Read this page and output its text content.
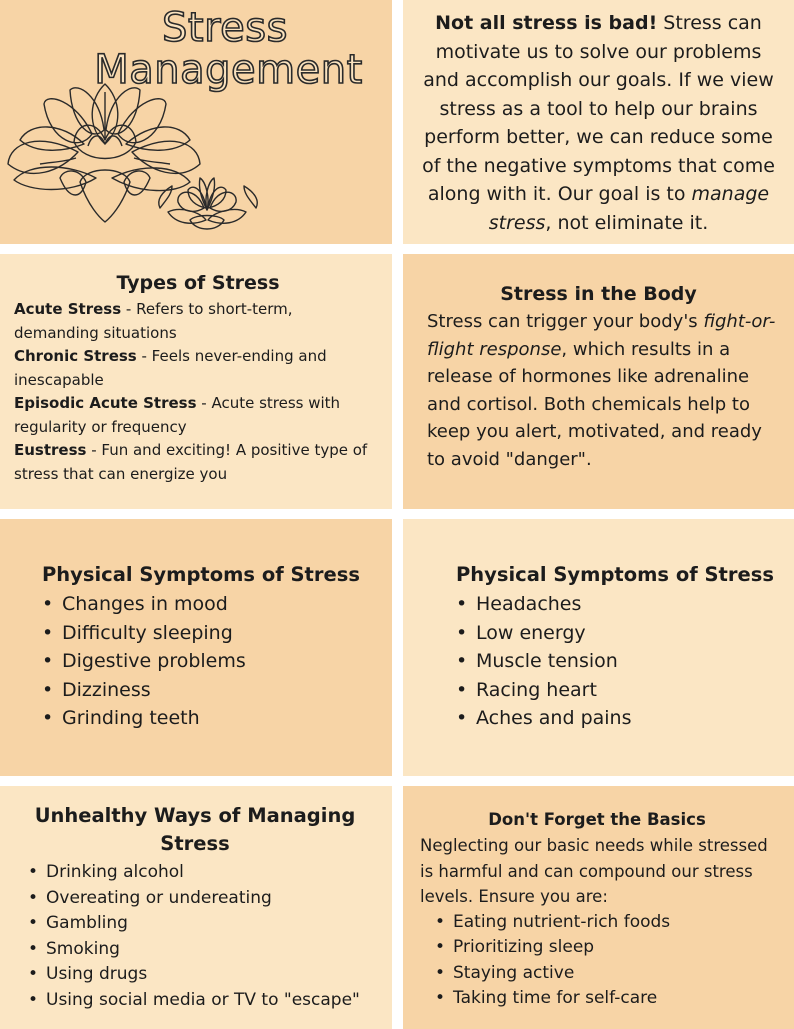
Stress
Management

Not all stress is bad! Stress can motivate us to solve our problems and accomplish our goals. If we view stress as a tool to help our brains perform better, we can reduce some of the negative symptoms that come along with it. Our goal is to manage stress, not eliminate it.

Types of Stress
Acute Stress - Refers to short-term, demanding situations
Chronic Stress - Feels never-ending and inescapable
Episodic Acute Stress - Acute stress with regularity or frequency
Eustress - Fun and exciting! A positive type of stress that can energize you
Stress in the Body

Stress can trigger your body's fight-or-flight response, which results in a release of hormones like adrenaline and cortisol. Both chemicals help to keep you alert, motivated, and ready to avoid "danger".

Physical Symptoms of Stress
• Changes in mood
• Difficulty sleeping
• Digestive problems
• Dizziness
• Grinding teeth
Physical Symptoms of Stress
• Headaches
• Low energy
• Muscle tension
• Racing heart
• Aches and pains
Unhealthy Ways of Managing Stress
• Drinking alcohol
• Overeating or undereating
• Gambling
• Smoking
• Using drugs
• Using social media or TV to "escape"
Don't Forget the Basics

Neglecting our basic needs while stressed is harmful and can compound our stress levels. Ensure you are:

• Eating nutrient-rich foods
• Prioritizing sleep
• Staying active
• Taking time for self-care
